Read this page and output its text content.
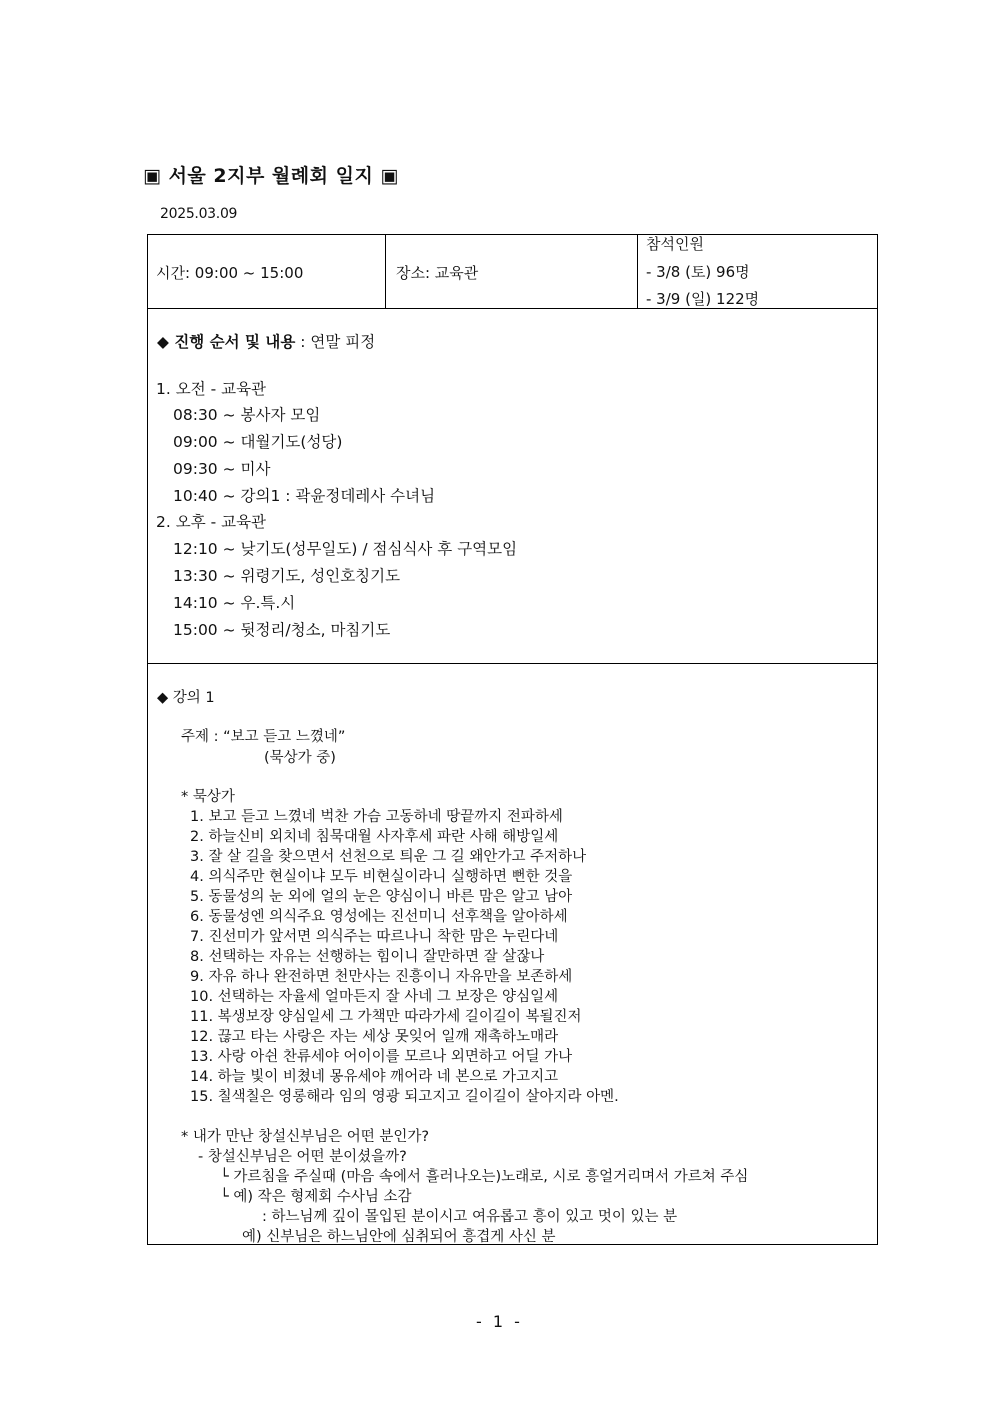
▣ 서울 2지부 월례회 일지 ▣
2025.03.09
시간: 09:00 ~ 15:00	장소: 교육관
참석인원
- 3/8 (토) 96명
- 3/9 (일) 122명
◆ 진행 순서 및 내용 : 연말 피정
1. 오전 - 교육관
08:30 ~ 봉사자 모임
09:00 ~ 대월기도(성당)
09:30 ~ 미사
10:40 ~ 강의1 : 곽윤정데레사 수녀님
2. 오후 - 교육관
12:10 ~ 낮기도(성무일도) / 점심식사 후 구역모임
13:30 ~ 위령기도, 성인호칭기도
14:10 ~ 우.특.시
15:00 ~ 뒷정리/청소, 마침기도
◆ 강의 1
주제 : “보고 듣고 느꼈네”
(묵상가 중)
* 묵상가
1. 보고 듣고 느꼈네 벅찬 가슴 고동하네 땅끝까지 전파하세
2. 하늘신비 외치네 침묵대월 사자후세 파란 사해 해방일세
3. 잘 살 길을 찾으면서 선천으로 틔운 그 길 왜안가고 주저하나
4. 의식주만 현실이냐 모두 비현실이라니 실행하면 뻔한 것을
5. 동물성의 눈 외에 얼의 눈은 양심이니 바른 맘은 알고 남아
6. 동물성엔 의식주요 영성에는 진선미니 선후책을 알아하세
7. 진선미가 앞서면 의식주는 따르나니 착한 맘은 누린다네
8. 선택하는 자유는 선행하는 힘이니 잘만하면 잘 살잖나
9. 자유 하나 완전하면 천만사는 진흥이니 자유만을 보존하세
10. 선택하는 자율세 얼마든지 잘 사네 그 보장은 양심일세
11. 복생보장 양심일세 그 가책만 따라가세 길이길이 복될진저
12. 끊고 타는 사랑은 자는 세상 못잊어 일깨 재촉하노매라
13. 사랑 아쉰 찬류세야 어이이를 모르나 외면하고 어딜 가나
14. 하늘 빛이 비쳤네 몽유세야 깨어라 네 본으로 가고지고
15. 칠색칠은 영롱해라 임의 영광 되고지고 길이길이 살아지라 아멘.
* 내가 만난 창설신부님은 어떤 분인가?
- 창설신부님은 어떤 분이셨을까?
└ 가르침을 주실때 (마음 속에서 흘러나오는)노래로, 시로 흥얼거리며서 가르쳐 주심
└ 예) 작은 형제회 수사님 소감
: 하느님께 깊이 몰입된 분이시고 여유롭고 흥이 있고 멋이 있는 분
예) 신부님은 하느님안에 심취되어 흥겹게 사신 분
- 1 -
